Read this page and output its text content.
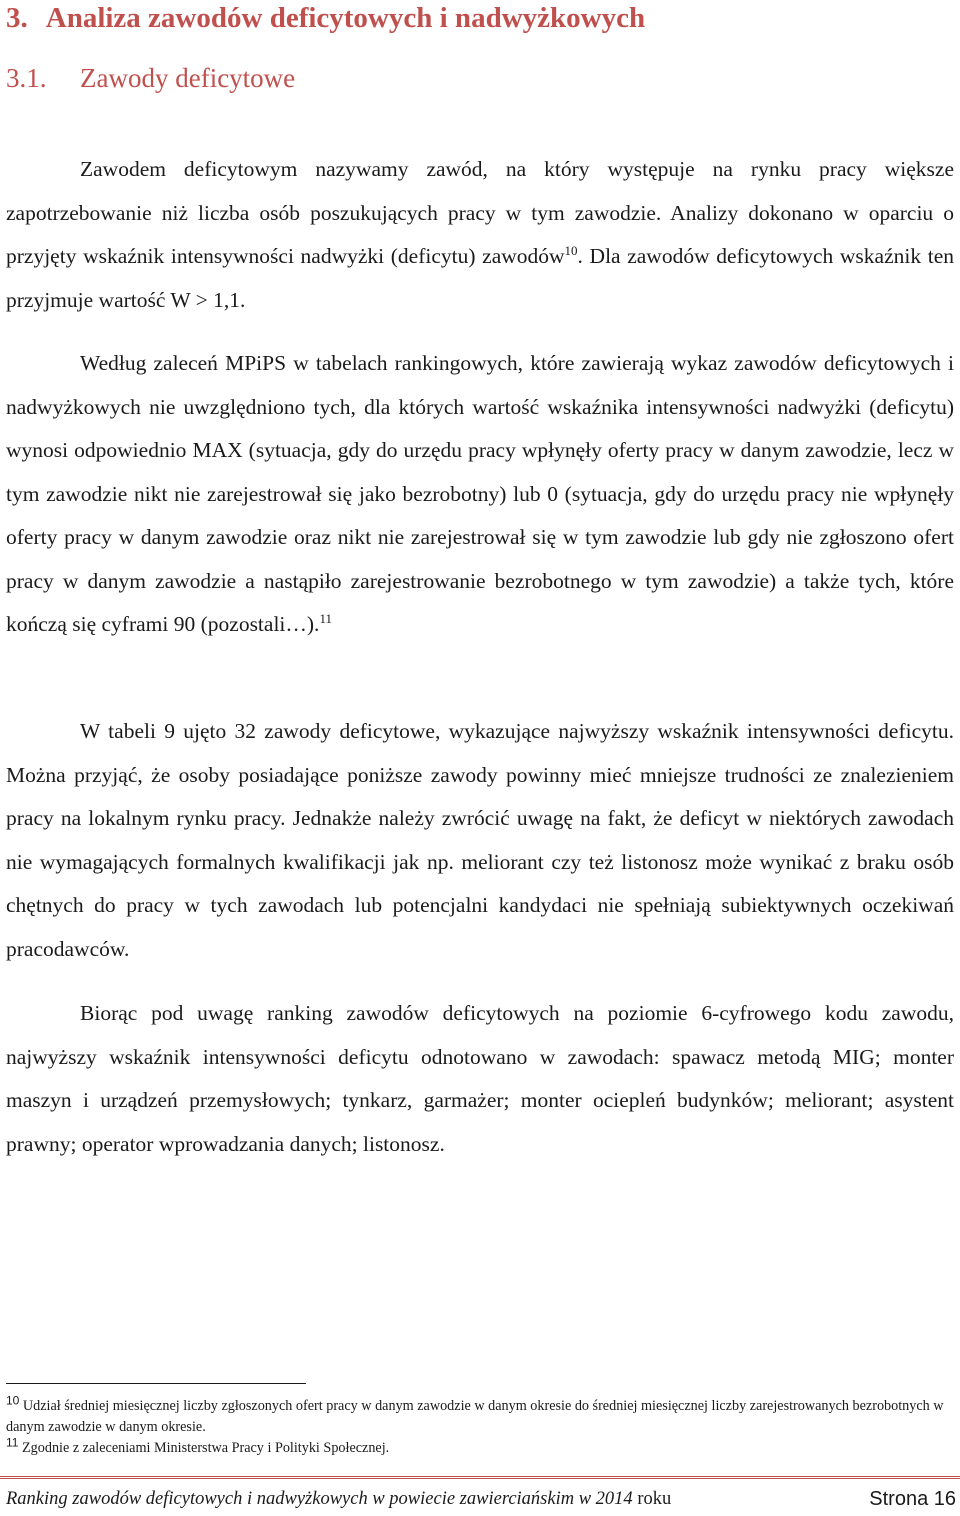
3. Analiza zawodów deficytowych i nadwyżkowych
3.1. Zawody deficytowe

Zawodem deficytowym nazywamy zawód, na który występuje na rynku pracy większe zapotrzebowanie niż liczba osób poszukujących pracy w tym zawodzie. Analizy dokonano w oparciu o przyjęty wskaźnik intensywności nadwyżki (deficytu) zawodów$^{10}$. Dla zawodów deficytowych wskaźnik ten przyjmuje wartość W > 1,1.

Według zaleceń MPiPS w tabelach rankingowych, które zawierają wykaz zawodów deficytowych i nadwyżkowych nie uwzględniono tych, dla których wartość wskaźnika intensywności nadwyżki (deficytu) wynosi odpowiednio MAX (sytuacja, gdy do urzędu pracy wpłynęły oferty pracy w danym zawodzie, lecz w tym zawodzie nikt nie zarejestrował się jako bezrobotny) lub 0 (sytuacja, gdy do urzędu pracy nie wpłynęły oferty pracy w danym zawodzie oraz nikt nie zarejestrował się w tym zawodzie lub gdy nie zgłoszono ofert pracy w danym zawodzie a nastąpiło zarejestrowanie bezrobotnego w tym zawodzie) a także tych, które kończą się cyframi 90 (pozostali…).$^{11}$

W tabeli 9 ujęto 32 zawody deficytowe, wykazujące najwyższy wskaźnik intensywności deficytu. Można przyjąć, że osoby posiadające poniższe zawody powinny mieć mniejsze trudności ze znalezieniem pracy na lokalnym rynku pracy. Jednakże należy zwrócić uwagę na fakt, że deficyt w niektórych zawodach nie wymagających formalnych kwalifikacji jak np. meliorant czy też listonosz może wynikać z braku osób chętnych do pracy w tych zawodach lub potencjalni kandydaci nie spełniają subiektywnych oczekiwań pracodawców.

Biorąc pod uwagę ranking zawodów deficytowych na poziomie 6-cyfrowego kodu zawodu, najwyższy wskaźnik intensywności deficytu odnotowano w zawodach: spawacz metodą MIG; monter maszyn i urządzeń przemysłowych; tynkarz, garmażer; monter ociepleń budynków; meliorant; asystent prawny; operator wprowadzania danych; listonosz.

$^{10}$ Udział średniej miesięcznej liczby zgłoszonych ofert pracy w danym zawodzie w danym okresie do średniej miesięcznej liczby zarejestrowanych bezrobotnych w danym zawodzie w danym okresie.

$^{11}$ Zgodnie z zaleceniami Ministerstwa Pracy i Polityki Społecznej.

Ranking zawodów deficytowych i nadwyżkowych w powiecie zawierciańskim w 2014 roku	Strona 16
